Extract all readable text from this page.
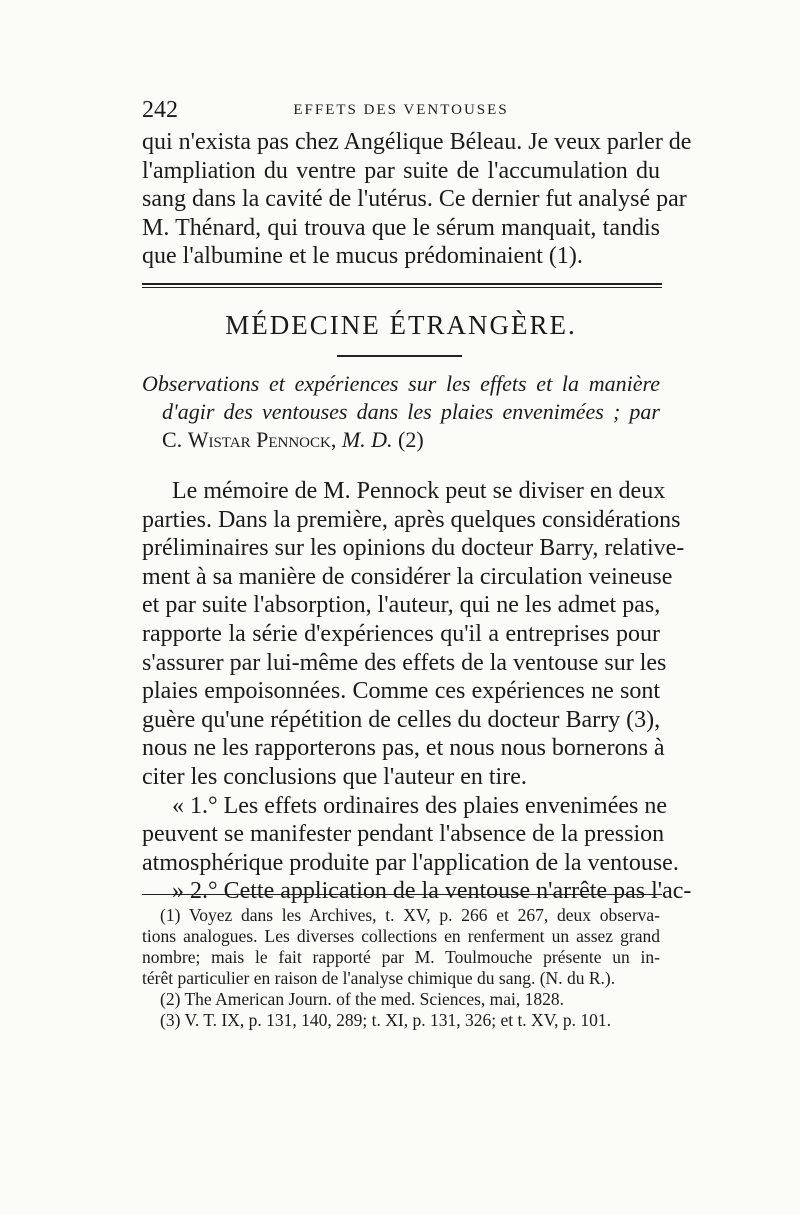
242	EFFETS DES VENTOUSES
qui n'exista pas chez Angélique Béleau. Je veux parler de
l'ampliation du ventre par suite de l'accumulation du
sang dans la cavité de l'utérus. Ce dernier fut analysé par
M. Thénard, qui trouva que le sérum manquait, tandis
que l'albumine et le mucus prédominaient (1).
MÉDECINE ÉTRANGÈRE.
Observations et expériences sur les effets et la manière
d'agir des ventouses dans les plaies envenimées ; par
C. Wistar Pennock, M. D. (2)
Le mémoire de M. Pennock peut se diviser en deux
parties. Dans la première, après quelques considérations
préliminaires sur les opinions du docteur Barry, relative-
ment à sa manière de considérer la circulation veineuse
et par suite l'absorption, l'auteur, qui ne les admet pas,
rapporte la série d'expériences qu'il a entreprises pour
s'assurer par lui-même des effets de la ventouse sur les
plaies empoisonnées. Comme ces expériences ne sont
guère qu'une répétition de celles du docteur Barry (3),
nous ne les rapporterons pas, et nous nous bornerons à
citer les conclusions que l'auteur en tire.
« 1.° Les effets ordinaires des plaies envenimées ne
peuvent se manifester pendant l'absence de la pression
atmosphérique produite par l'application de la ventouse.
» 2.° Cette application de la ventouse n'arrête pas l'ac-
(1) Voyez dans les Archives, t. XV, p. 266 et 267, deux observa-
tions analogues. Les diverses collections en renferment un assez grand
nombre; mais le fait rapporté par M. Toulmouche présente un in-
térêt particulier en raison de l'analyse chimique du sang. (N. du R.).
(2) The American Journ. of the med. Sciences, mai, 1828.
(3) V. T. IX, p. 131, 140, 289; t. XI, p. 131, 326; et t. XV, p. 101.
